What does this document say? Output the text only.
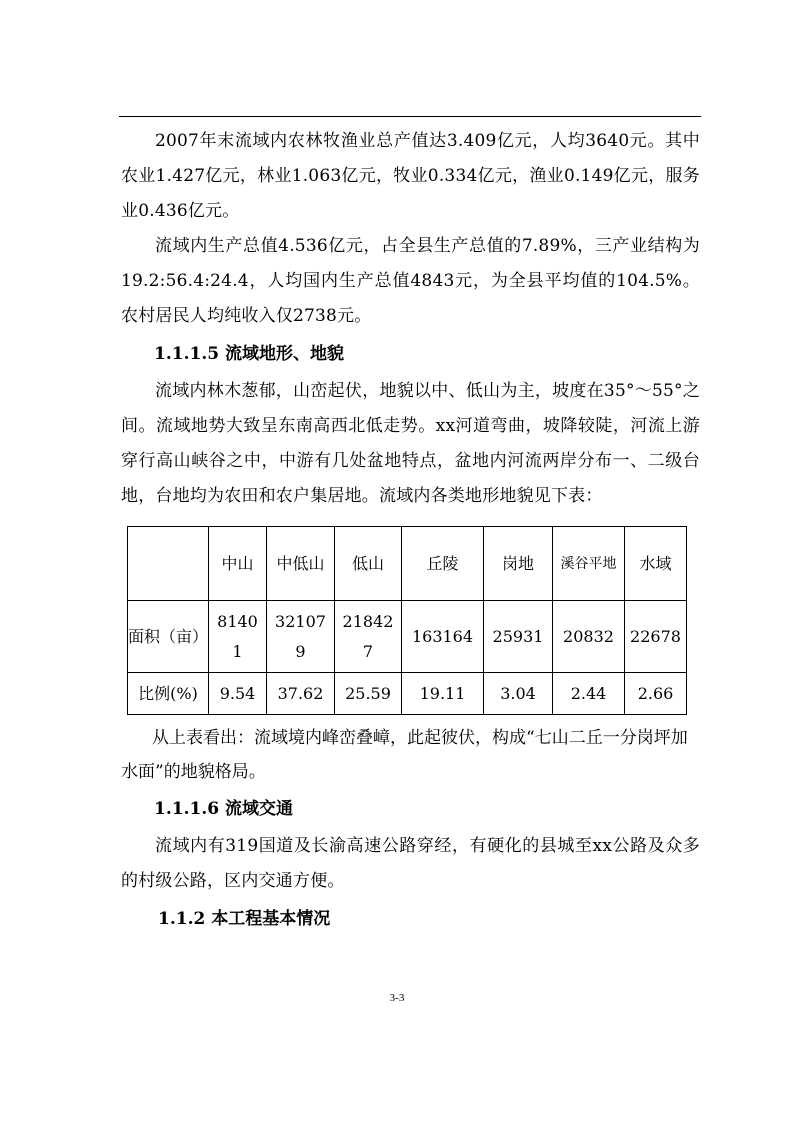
2007年末流域内农林牧渔业总产值达3.409亿元，人均3640元。其中农业1.427亿元，林业1.063亿元，牧业0.334亿元，渔业0.149亿元，服务业0.436亿元。

流域内生产总值4.536亿元，占全县生产总值的7.89%，三产业结构为19.2:56.4:24.4，人均国内生产总值4843元，为全县平均值的104.5%。农村居民人均纯收入仅2738元。

1.1.1.5 流域地形、地貌

流域内林木葱郁，山峦起伏，地貌以中、低山为主，坡度在35°～55°之间。流域地势大致呈东南高西北低走势。xx河道弯曲，坡降较陡，河流上游穿行高山峡谷之中，中游有几处盆地特点，盆地内河流两岸分布一、二级台地，台地均为农田和农户集居地。流域内各类地形地貌见下表：

	中山	中低山	低山	丘陵	岗地	溪谷平地	水域
面积（亩）	81401	321079	218427	163164	25931	20832	22678
比例(%)	9.54	37.62	25.59	19.11	3.04	2.44	2.66

从上表看出：流域境内峰峦叠嶂，此起彼伏，构成“七山二丘一分岗坪加水面”的地貌格局。

1.1.1.6 流域交通

流域内有319国道及长渝高速公路穿经，有硬化的县城至xx公路及众多的村级公路，区内交通方便。

1.1.2 本工程基本情况
3-3
